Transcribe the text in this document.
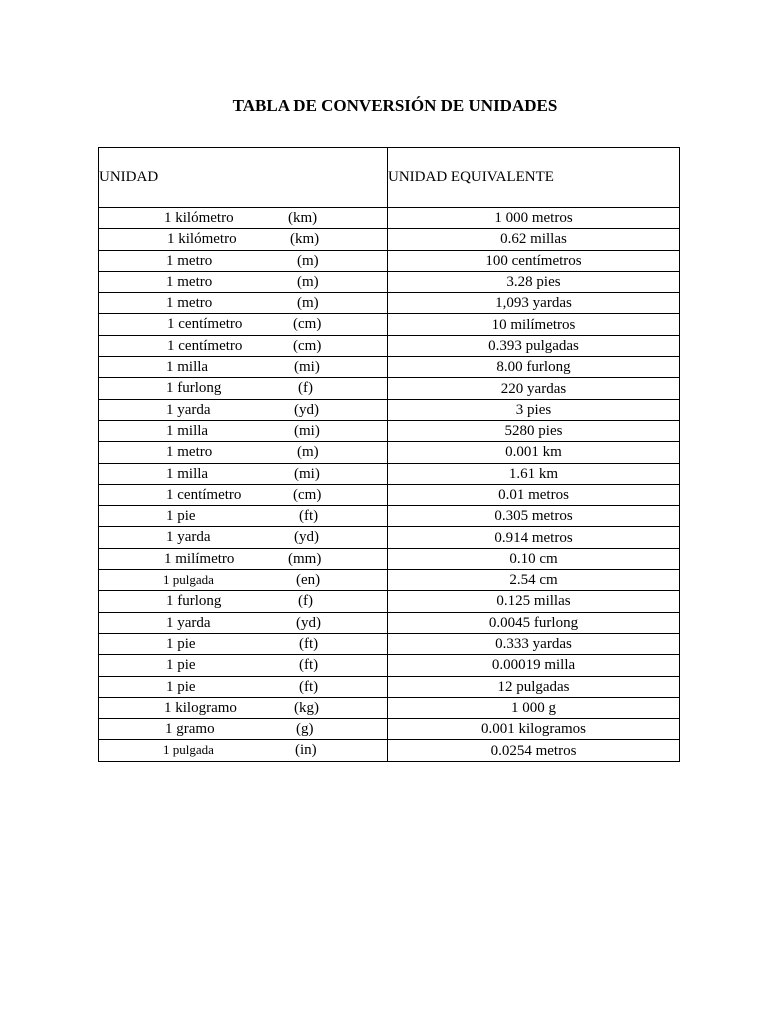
TABLA DE CONVERSIÓN DE UNIDADES
UNIDAD	UNIDAD EQUIVALENTE

1 kilómetro (km)	1 000 metros

1 kilómetro (km)	0.62 millas

1 metro (m)	100 centímetros

1 metro (m)	3.28 pies

1 metro (m)	1,093 yardas

1 centímetro (cm)	10 milímetros

1 centímetro (cm)	0.393 pulgadas

1 milla (mi)	8.00 furlong

1 furlong (f)	220 yardas

1 yarda (yd)	3 pies

1 milla (mi)	5280 pies

1 metro (m)	0.001 km

1 milla (mi)	1.61 km

1 centímetro (cm)	0.01 metros

1 pie (ft)	0.305 metros

1 yarda (yd)	0.914 metros

1 milímetro (mm)	0.10 cm

1 pulgada (en)	2.54 cm

1 furlong (f)	0.125 millas

1 yarda (yd)	0.0045 furlong

1 pie (ft)	0.333 yardas

1 pie (ft)	0.00019 milla

1 pie (ft)	12 pulgadas

1 kilogramo (kg)	1 000 g

1 gramo (g)	0.001 kilogramos

1 pulgada (in)	0.0254 metros
